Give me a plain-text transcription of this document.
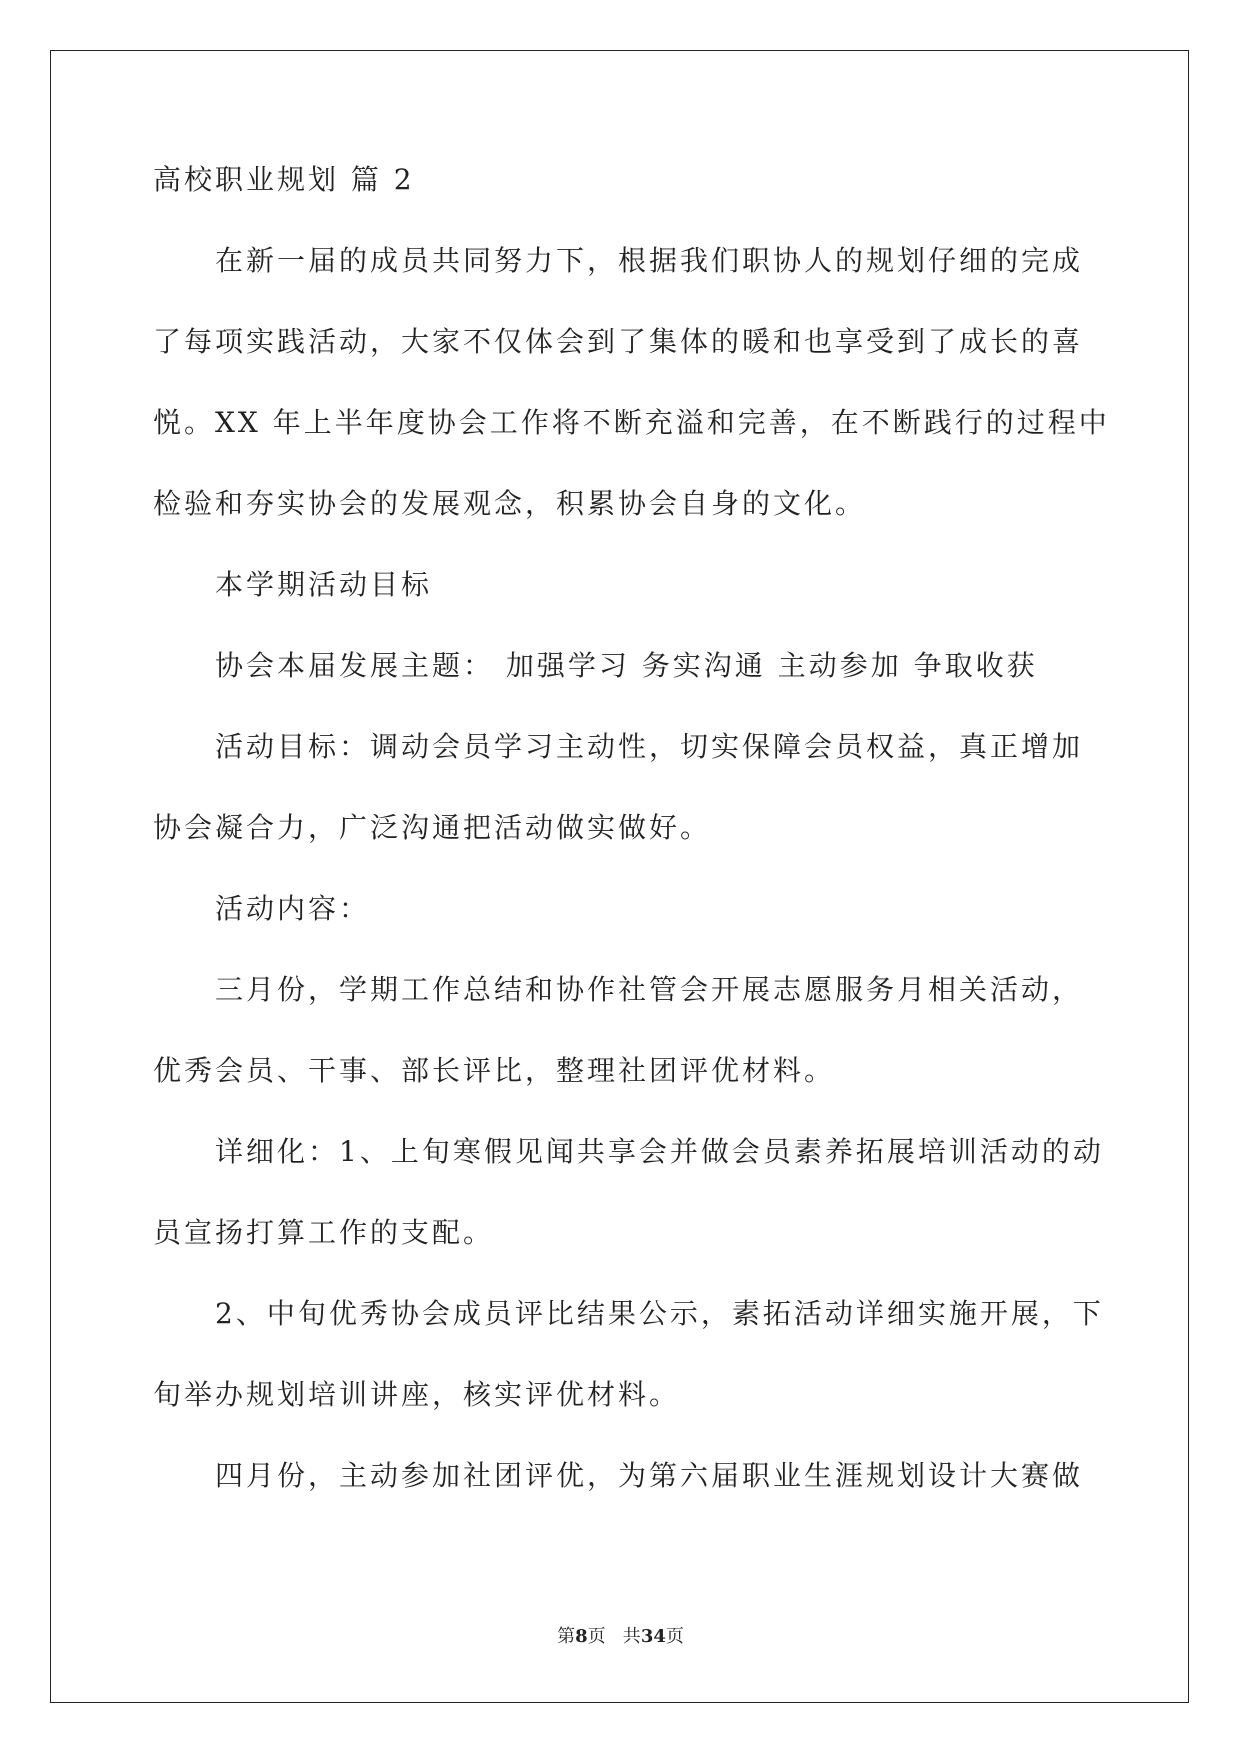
高校职业规划 篇 2
在新一届的成员共同努力下，根据我们职协人的规划仔细的完成
了每项实践活动，大家不仅体会到了集体的暖和也享受到了成长的喜
悦。XX 年上半年度协会工作将不断充溢和完善，在不断践行的过程中
检验和夯实协会的发展观念，积累协会自身的文化。
本学期活动目标
协会本届发展主题： 加强学习 务实沟通 主动参加 争取收获
活动目标：调动会员学习主动性，切实保障会员权益，真正增加
协会凝合力，广泛沟通把活动做实做好。
活动内容：
三月份，学期工作总结和协作社管会开展志愿服务月相关活动，
优秀会员、干事、部长评比，整理社团评优材料。
详细化：1、上旬寒假见闻共享会并做会员素养拓展培训活动的动
员宣扬打算工作的支配。
2、中旬优秀协会成员评比结果公示，素拓活动详细实施开展，下
旬举办规划培训讲座，核实评优材料。
四月份，主动参加社团评优，为第六届职业生涯规划设计大赛做
第8页   共34页
